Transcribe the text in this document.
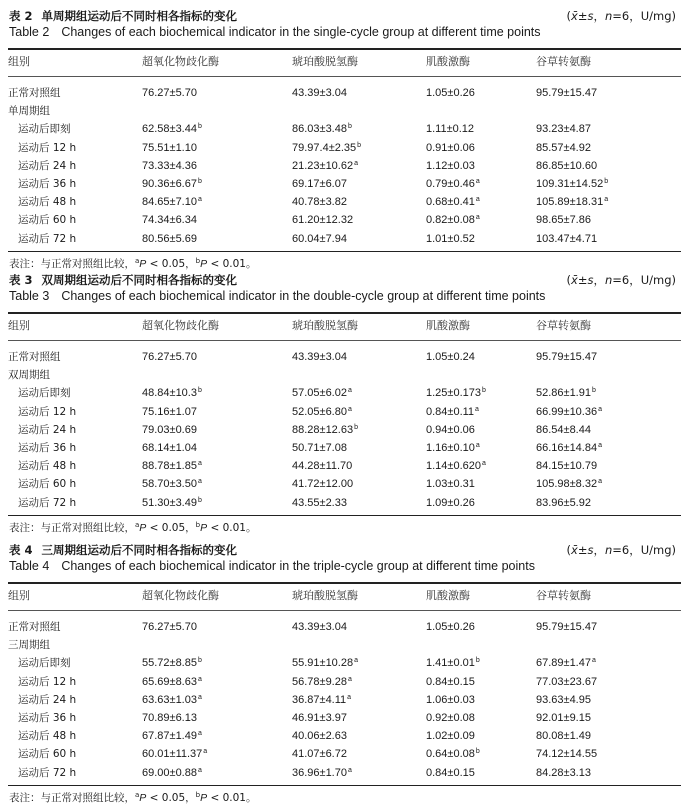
表 2 单周期组运动后不同时相各指标的变化	(x̄±s，n=6，U/mg)
Table 2 Changes of each biochemical indicator in the single-cycle group at different time points
组别	超氧化物歧化酶	琥珀酸脱氢酶	肌酸激酶	谷草转氨酶
正常对照组	76.27±5.70	43.39±3.04	1.05±0.26	95.79±15.47
单周期组
运动后即刻	62.58±3.44$^b$	86.03±3.48$^b$	1.11±0.12	93.23±4.87
运动后 12 h	75.51±1.10	79.97.4±2.35$^b$	0.91±0.06	85.57±4.92
运动后 24 h	73.33±4.36	21.23±10.62$^a$	1.12±0.03	86.85±10.60
运动后 36 h	90.36±6.67$^b$	69.17±6.07	0.79±0.46$^a$	109.31±14.52$^b$
运动后 48 h	84.65±7.10$^a$	40.78±3.82	0.68±0.41$^a$	105.89±18.31$^a$
运动后 60 h	74.34±6.34	61.20±12.32	0.82±0.08$^a$	98.65±7.86
运动后 72 h	80.56±5.69	60.04±7.94	1.01±0.52	103.47±4.71
表注：与正常对照组比较，$^a$P < 0.05，$^b$P < 0.01。
表 3 双周期组运动后不同时相各指标的变化	(x̄±s，n=6，U/mg)
Table 3 Changes of each biochemical indicator in the double-cycle group at different time points
组别	超氧化物歧化酶	琥珀酸脱氢酶	肌酸激酶	谷草转氨酶
正常对照组	76.27±5.70	43.39±3.04	1.05±0.24	95.79±15.47
双周期组
运动后即刻	48.84±10.3$^b$	57.05±6.02$^a$	1.25±0.173$^b$	52.86±1.91$^b$
运动后 12 h	75.16±1.07	52.05±6.80$^a$	0.84±0.11$^a$	66.99±10.36$^a$
运动后 24 h	79.03±0.69	88.28±12.63$^b$	0.94±0.06	86.54±8.44
运动后 36 h	68.14±1.04	50.71±7.08	1.16±0.10$^a$	66.16±14.84$^a$
运动后 48 h	88.78±1.85$^a$	44.28±11.70	1.14±0.620$^a$	84.15±10.79
运动后 60 h	58.70±3.50$^a$	41.72±12.00	1.03±0.31	105.98±8.32$^a$
运动后 72 h	51.30±3.49$^b$	43.55±2.33	1.09±0.26	83.96±5.92
表注：与正常对照组比较，$^a$P < 0.05，$^b$P < 0.01。
表 4 三周期组运动后不同时相各指标的变化	(x̄±s，n=6，U/mg)
Table 4 Changes of each biochemical indicator in the triple-cycle group at different time points
组别	超氧化物歧化酶	琥珀酸脱氢酶	肌酸激酶	谷草转氨酶
正常对照组	76.27±5.70	43.39±3.04	1.05±0.26	95.79±15.47
三周期组
运动后即刻	55.72±8.85$^b$	55.91±10.28$^a$	1.41±0.01$^b$	67.89±1.47$^a$
运动后 12 h	65.69±8.63$^a$	56.78±9.28$^a$	0.84±0.15	77.03±23.67
运动后 24 h	63.63±1.03$^a$	36.87±4.11$^a$	1.06±0.03	93.63±4.95
运动后 36 h	70.89±6.13	46.91±3.97	0.92±0.08	92.01±9.15
运动后 48 h	67.87±1.49$^a$	40.06±2.63	1.02±0.09	80.08±1.49
运动后 60 h	60.01±11.37$^a$	41.07±6.72	0.64±0.08$^b$	74.12±14.55
运动后 72 h	69.00±0.88$^a$	36.96±1.70$^a$	0.84±0.15	84.28±3.13
表注：与正常对照组比较，$^a$P < 0.05，$^b$P < 0.01。
